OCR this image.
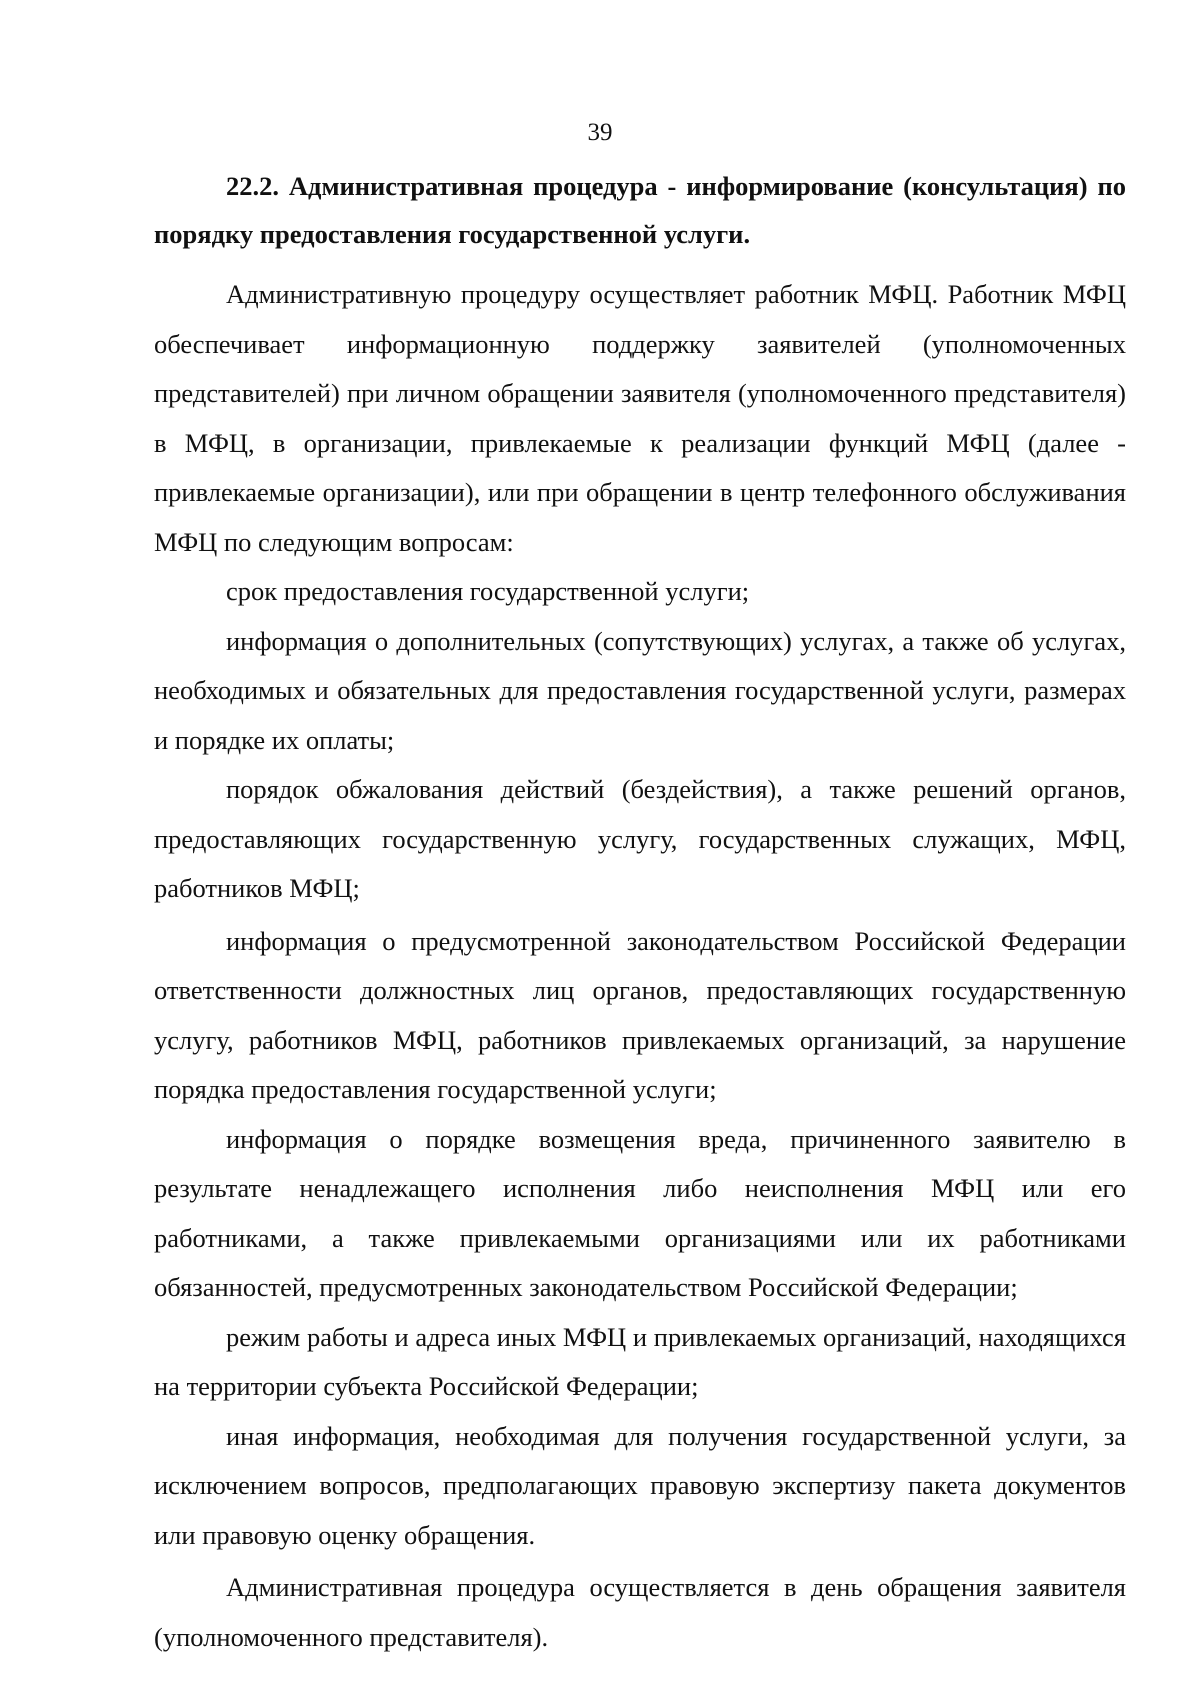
39

22.2. Административная процедура - информирование (консультация) по порядку предоставления государственной услуги.

Административную процедуру осуществляет работник МФЦ. Работник МФЦ обеспечивает информационную поддержку заявителей (уполномоченных представителей) при личном обращении заявителя (уполномоченного представителя) в МФЦ, в организации, привлекаемые к реализации функций МФЦ (далее - привлекаемые организации), или при обращении в центр телефонного обслуживания МФЦ по следующим вопросам:

срок предоставления государственной услуги;

информация о дополнительных (сопутствующих) услугах, а также об услугах, необходимых и обязательных для предоставления государственной услуги, размерах и порядке их оплаты;

порядок обжалования действий (бездействия), а также решений органов, предоставляющих государственную услугу, государственных служащих, МФЦ, работников МФЦ;

информация о предусмотренной законодательством Российской Федерации ответственности должностных лиц органов, предоставляющих государственную услугу, работников МФЦ, работников привлекаемых организаций, за нарушение порядка предоставления государственной услуги;

информация о порядке возмещения вреда, причиненного заявителю в результате ненадлежащего исполнения либо неисполнения МФЦ или его работниками, а также привлекаемыми организациями или их работниками обязанностей, предусмотренных законодательством Российской Федерации;

режим работы и адреса иных МФЦ и привлекаемых организаций, находящихся на территории субъекта Российской Федерации;

иная информация, необходимая для получения государственной услуги, за исключением вопросов, предполагающих правовую экспертизу пакета документов или правовую оценку обращения.

Административная процедура осуществляется в день обращения заявителя (уполномоченного представителя).
